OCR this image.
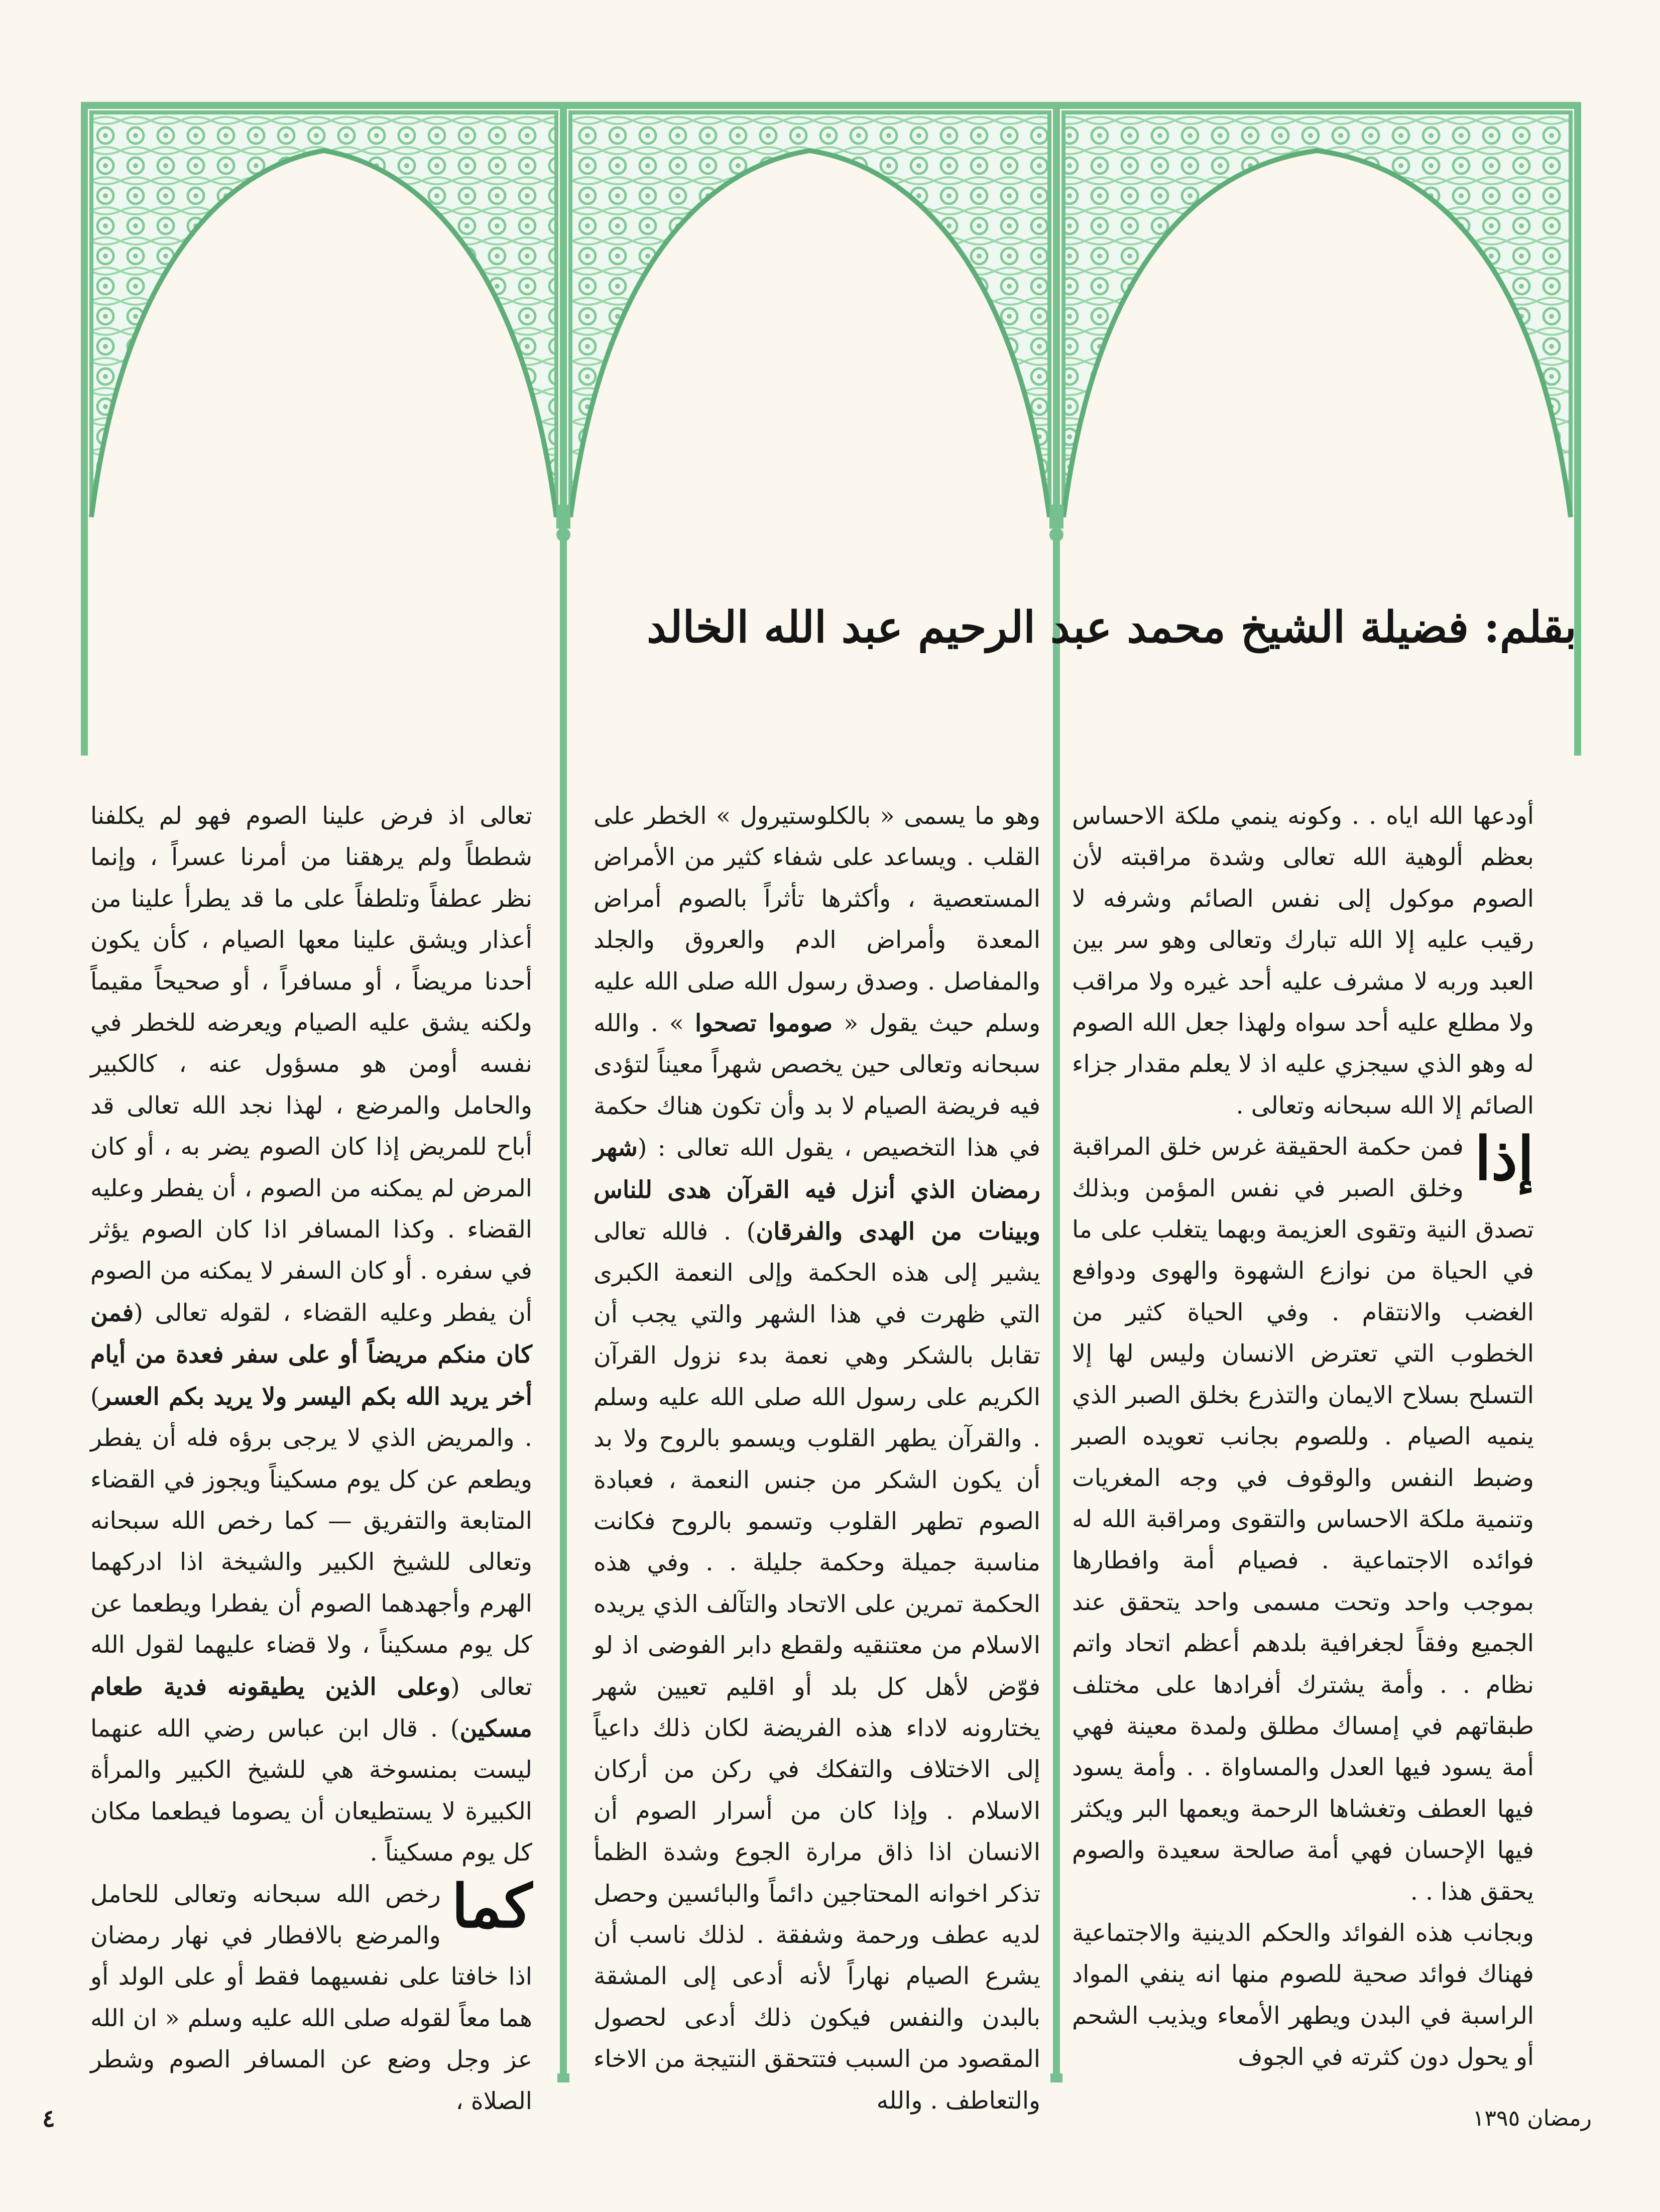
بقلم: فضيلة الشيخ محمد عبد الرحيم عبد الله الخالد

أودعها الله اياه . . وكونه ينمي ملكة الاحساس بعظم ألوهية الله تعالى وشدة مراقبته لأن الصوم موكول إلى نفس الصائم وشرفه لا رقيب عليه إلا الله تبارك وتعالى وهو سر بين العبد وربه لا مشرف عليه أحد غيره ولا مراقب ولا مطلع عليه أحد سواه ولهذا جعل الله الصوم له وهو الذي سيجزي عليه اذ لا يعلم مقدار جزاء الصائم إلا الله سبحانه وتعالى .

إذا
فمن حكمة الحقيقة غرس خلق المراقبة وخلق الصبر في نفس المؤمن وبذلك تصدق النية وتقوى العزيمة وبهما يتغلب على ما في الحياة من نوازع الشهوة والهوى ودوافع الغضب والانتقام . وفي الحياة كثير من الخطوب التي تعترض الانسان وليس لها إلا التسلح بسلاح الايمان والتذرع بخلق الصبر الذي ينميه الصيام . وللصوم بجانب تعويده الصبر وضبط النفس والوقوف في وجه المغريات وتنمية ملكة الاحساس والتقوى ومراقبة الله له فوائده الاجتماعية . فصيام أمة وافطارها بموجب واحد وتحت مسمى واحد يتحقق عند الجميع وفقاً لجغرافية بلدهم أعظم اتحاد واتم نظام . . وأمة يشترك أفرادها على مختلف طبقاتهم في إمساك مطلق ولمدة معينة فهي أمة يسود فيها العدل والمساواة . . وأمة يسود فيها العطف وتغشاها الرحمة ويعمها البر ويكثر فيها الإحسان فهي أمة صالحة سعيدة والصوم يحقق هذا . .

وبجانب هذه الفوائد والحكم الدينية والاجتماعية فهناك فوائد صحية للصوم منها انه ينفي المواد الراسبة في البدن ويطهر الأمعاء ويذيب الشحم أو يحول دون كثرته في الجوف

وهو ما يسمى « بالكلوستيرول » الخطر على القلب . ويساعد على شفاء كثير من الأمراض المستعصية ، وأكثرها تأثراً بالصوم أمراض المعدة وأمراض الدم والعروق والجلد والمفاصل . وصدق رسول الله صلى الله عليه وسلم حيث يقول « صوموا تصحوا » . والله سبحانه وتعالى حين يخصص شهراً معيناً لتؤدى فيه فريضة الصيام لا بد وأن تكون هناك حكمة في هذا التخصيص ، يقول الله تعالى : (شهر رمضان الذي أنزل فيه القرآن هدى للناس وبينات من الهدى والفرقان) . فالله تعالى يشير إلى هذه الحكمة وإلى النعمة الكبرى التي ظهرت في هذا الشهر والتي يجب أن تقابل بالشكر وهي نعمة بدء نزول القرآن الكريم على رسول الله صلى الله عليه وسلم . والقرآن يطهر القلوب ويسمو بالروح ولا بد أن يكون الشكر من جنس النعمة ، فعبادة الصوم تطهر القلوب وتسمو بالروح فكانت مناسبة جميلة وحكمة جليلة . . وفي هذه الحكمة تمرين على الاتحاد والتآلف الذي يريده الاسلام من معتنقيه ولقطع دابر الفوضى اذ لو فوّض لأهل كل بلد أو اقليم تعيين شهر يختارونه لاداء هذه الفريضة لكان ذلك داعياً إلى الاختلاف والتفكك في ركن من أركان الاسلام . وإذا كان من أسرار الصوم أن الانسان اذا ذاق مرارة الجوع وشدة الظمأ تذكر اخوانه المحتاجين دائماً والبائسين وحصل لديه عطف ورحمة وشفقة . لذلك ناسب أن يشرع الصيام نهاراً لأنه أدعى إلى المشقة بالبدن والنفس فيكون ذلك أدعى لحصول المقصود من السبب فتتحقق النتيجة من الاخاء والتعاطف . والله

تعالى اذ فرض علينا الصوم فهو لم يكلفنا شططاً ولم يرهقنا من أمرنا عسراً ، وإنما نظر عطفاً وتلطفاً على ما قد يطرأ علينا من أعذار ويشق علينا معها الصيام ، كأن يكون أحدنا مريضاً ، أو مسافراً ، أو صحيحاً مقيماً ولكنه يشق عليه الصيام ويعرضه للخطر في نفسه أومن هو مسؤول عنه ، كالكبير والحامل والمرضع ، لهذا نجد الله تعالى قد أباح للمريض إذا كان الصوم يضر به ، أو كان المرض لم يمكنه من الصوم ، أن يفطر وعليه القضاء . وكذا المسافر اذا كان الصوم يؤثر في سفره . أو كان السفر لا يمكنه من الصوم أن يفطر وعليه القضاء ، لقوله تعالى (فمن كان منكم مريضاً أو على سفر فعدة من أيام أخر يريد الله بكم اليسر ولا يريد بكم العسر) . والمريض الذي لا يرجى برؤه فله أن يفطر ويطعم عن كل يوم مسكيناً ويجوز في القضاء المتابعة والتفريق — كما رخص الله سبحانه وتعالى للشيخ الكبير والشيخة اذا ادركهما الهرم وأجهدهما الصوم أن يفطرا ويطعما عن كل يوم مسكيناً ، ولا قضاء عليهما لقول الله تعالى (وعلى الذين يطيقونه فدية طعام مسكين) . قال ابن عباس رضي الله عنهما ليست بمنسوخة هي للشيخ الكبير والمرأة الكبيرة لا يستطيعان أن يصوما فيطعما مكان كل يوم مسكيناً .

كما
رخص الله سبحانه وتعالى للحامل والمرضع بالافطار في نهار رمضان اذا خافتا على نفسيهما فقط أو على الولد أو هما معاً لقوله صلى الله عليه وسلم « ان الله عز وجل وضع عن المسافر الصوم وشطر الصلاة ،

٤	رمضان ١٣٩٥
